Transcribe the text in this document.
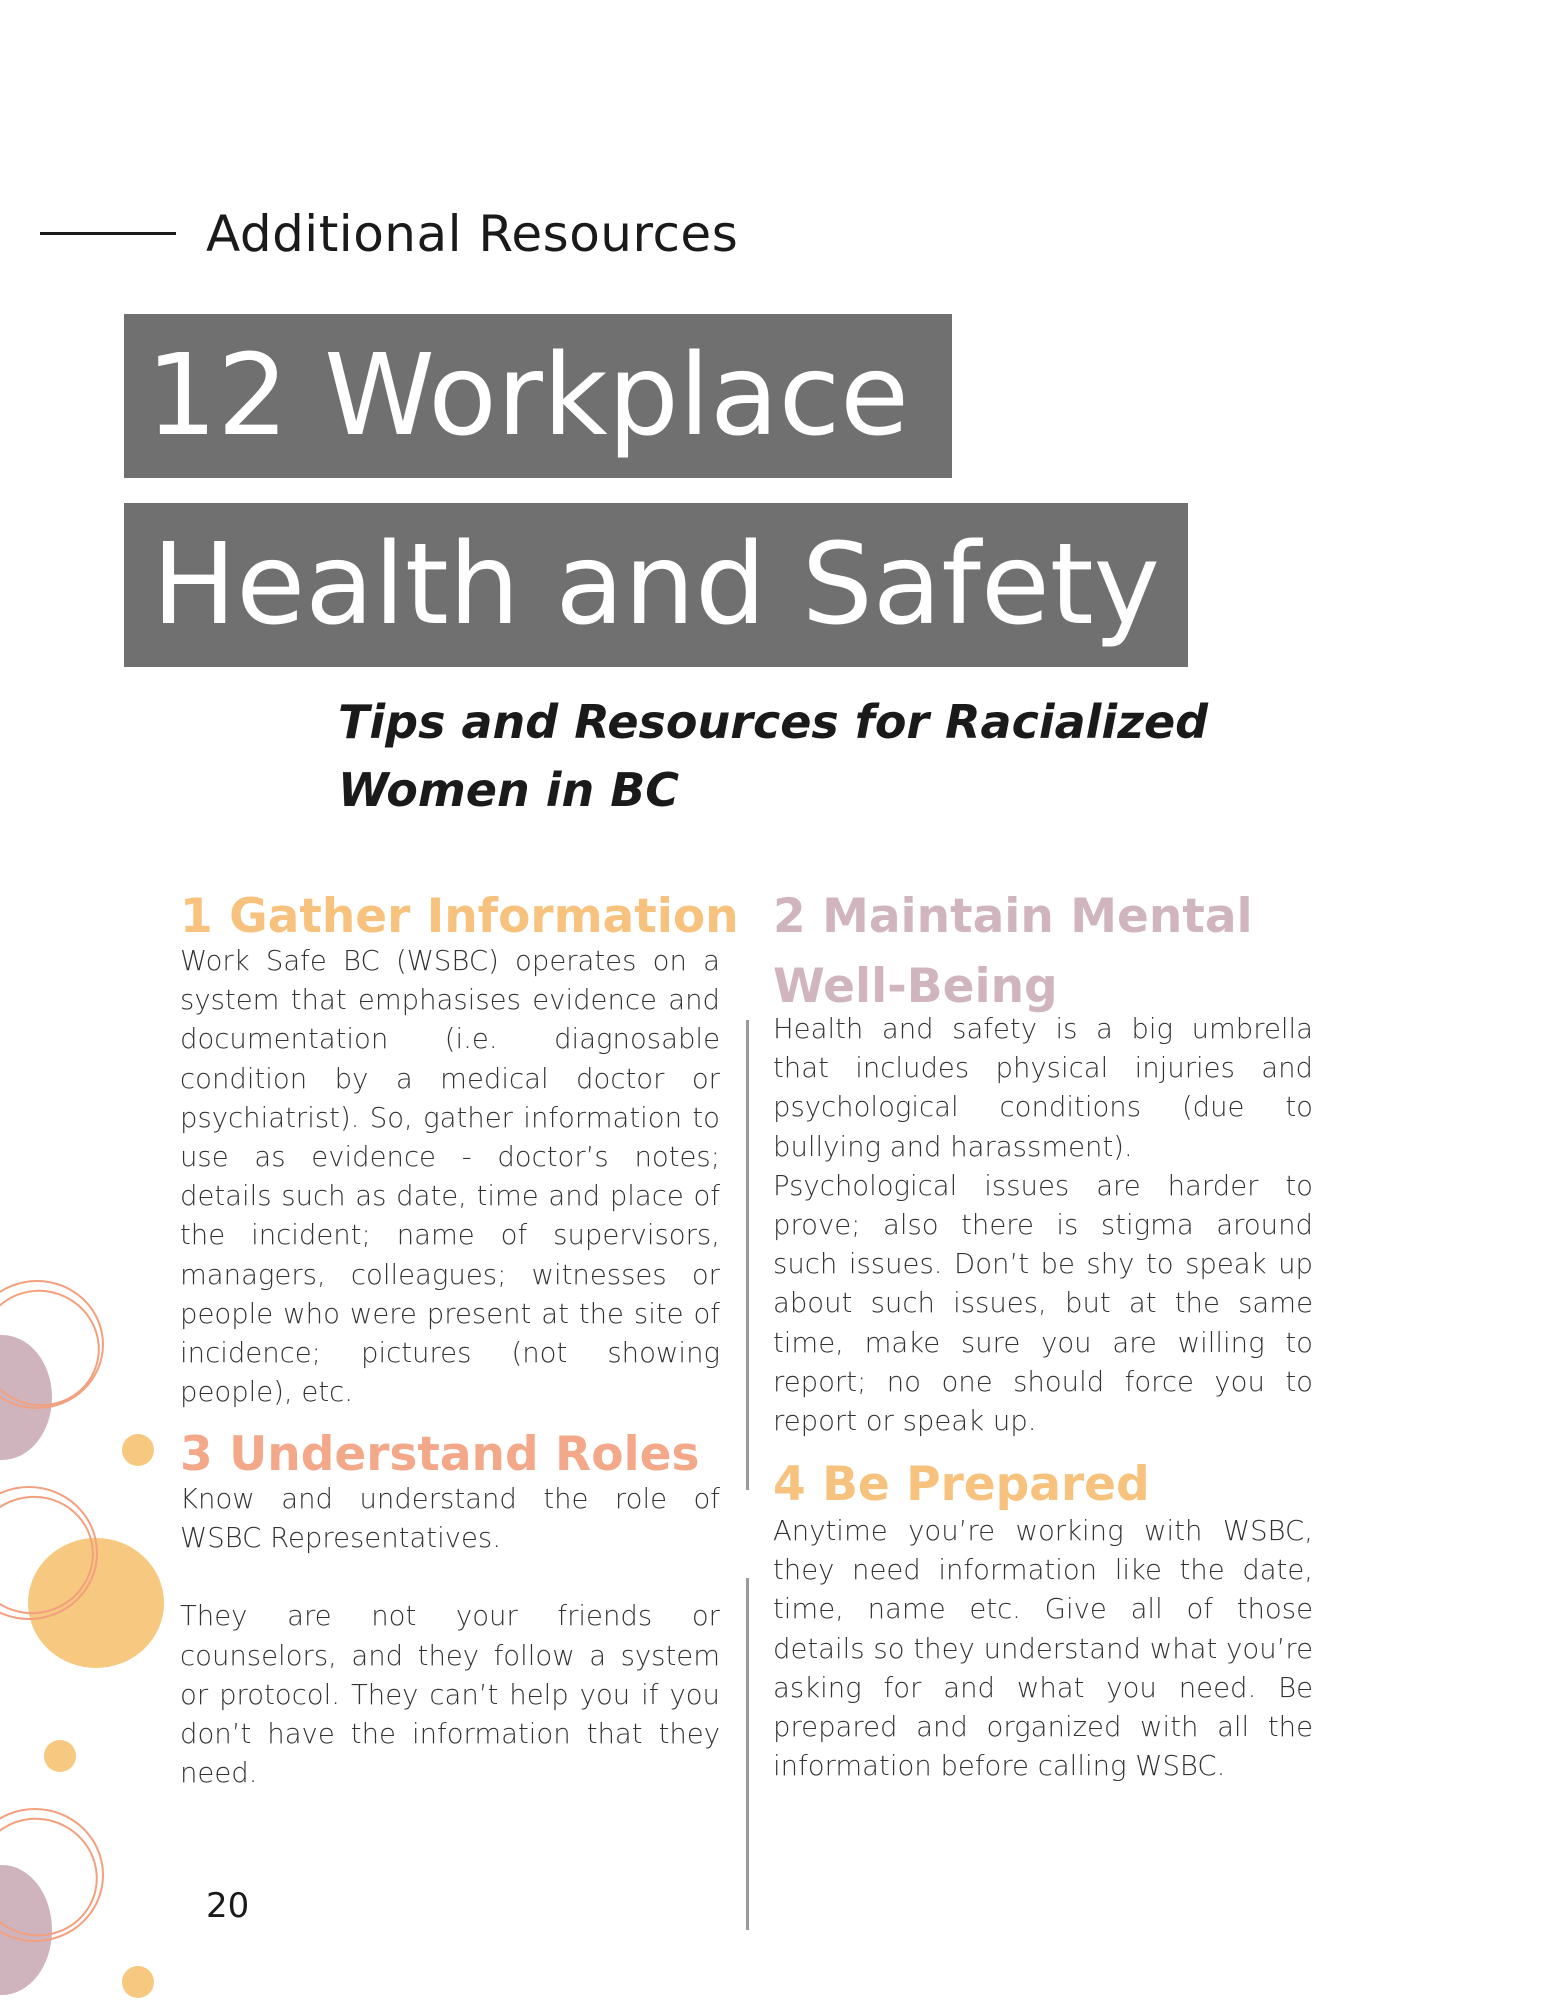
Additional Resources
12 Workplace
Health and Safety
Tips and Resources for Racialized
Women in BC
1 Gather Information

Work Safe BC (WSBC) operates on a system that emphasises evidence and documentation (i.e. diagnosable condition by a medical doctor or psychiatrist). So, gather information to use as evidence - doctor’s notes; details such as date, time and place of the incident; name of supervisors, managers, colleagues; witnesses or people who were present at the site of incidence; pictures (not showing people), etc.

2 Maintain Mental
Well-Being

Health and safety is a big umbrella that includes physical injuries and psychological conditions (due to bullying and harassment).

Psychological issues are harder to prove; also there is stigma around such issues. Don’t be shy to speak up about such issues, but at the same time, make sure you are willing to report; no one should force you to report or speak up.

3 Understand Roles

Know and understand the role of WSBC Representatives.

They are not your friends or counselors, and they follow a system or protocol. They can’t help you if you don’t have the information that they need.

4 Be Prepared

Anytime you’re working with WSBC, they need information like the date, time, name etc. Give all of those details so they understand what you’re asking for and what you need. Be prepared and organized with all the information before calling WSBC.

20
